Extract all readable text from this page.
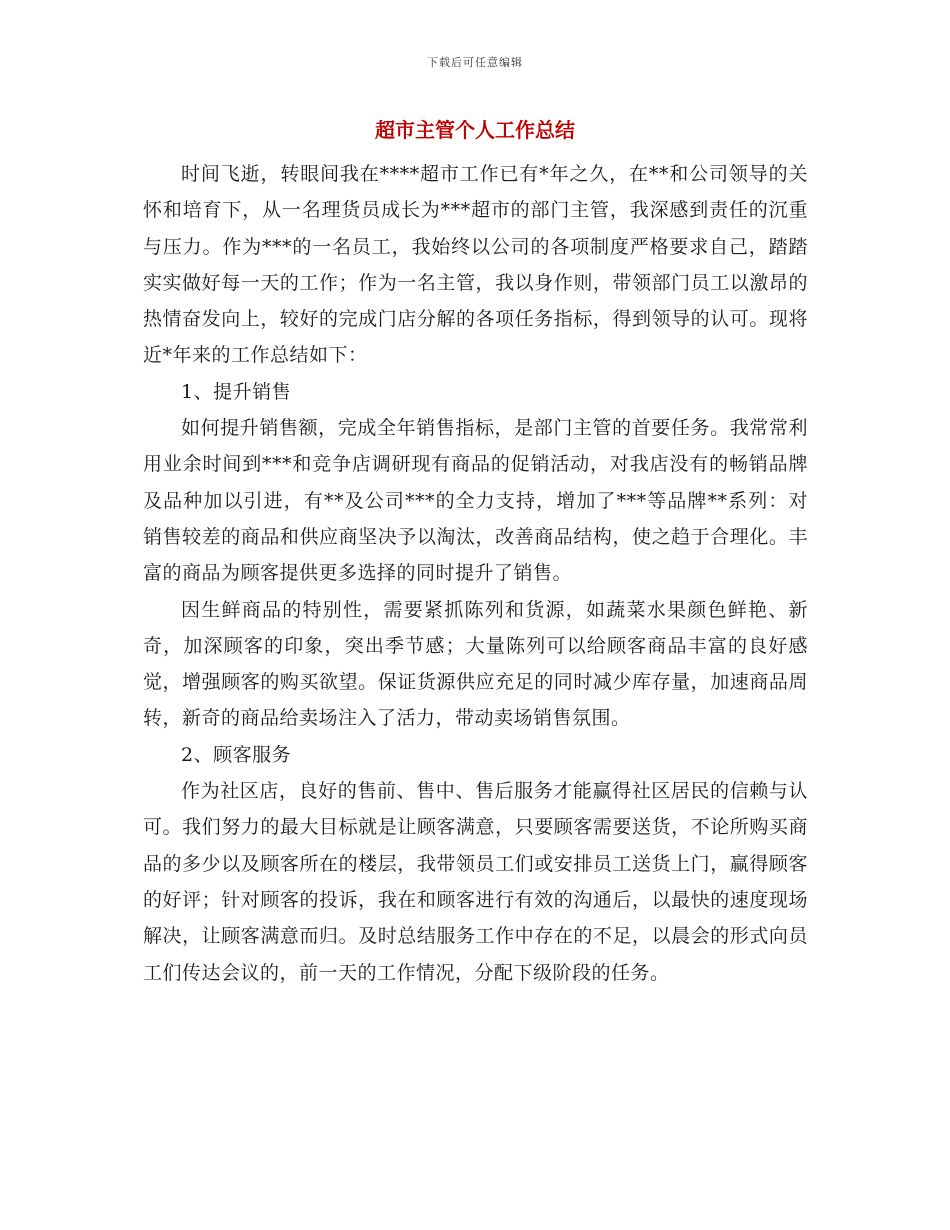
下载后可任意编辑
超市主管个人工作总结

时间飞逝，转眼间我在****超市工作已有*年之久，在**和公司领导的关怀和培育下，从一名理货员成长为***超市的部门主管，我深感到责任的沉重与压力。作为***的一名员工，我始终以公司的各项制度严格要求自己，踏踏实实做好每一天的工作；作为一名主管，我以身作则，带领部门员工以激昂的热情奋发向上，较好的完成门店分解的各项任务指标，得到领导的认可。现将近*年来的工作总结如下：

1、提升销售

如何提升销售额，完成全年销售指标，是部门主管的首要任务。我常常利用业余时间到***和竞争店调研现有商品的促销活动，对我店没有的畅销品牌及品种加以引进，有**及公司***的全力支持，增加了***等品牌**系列：对销售较差的商品和供应商坚决予以淘汰，改善商品结构，使之趋于合理化。丰富的商品为顾客提供更多选择的同时提升了销售。

因生鲜商品的特别性，需要紧抓陈列和货源，如蔬菜水果颜色鲜艳、新奇，加深顾客的印象，突出季节感；大量陈列可以给顾客商品丰富的良好感觉，增强顾客的购买欲望。保证货源供应充足的同时减少库存量，加速商品周转，新奇的商品给卖场注入了活力，带动卖场销售氛围。

2、顾客服务

作为社区店，良好的售前、售中、售后服务才能赢得社区居民的信赖与认可。我们努力的最大目标就是让顾客满意，只要顾客需要送货，不论所购买商品的多少以及顾客所在的楼层，我带领员工们或安排员工送货上门，赢得顾客的好评；针对顾客的投诉，我在和顾客进行有效的沟通后，以最快的速度现场解决，让顾客满意而归。及时总结服务工作中存在的不足，以晨会的形式向员工们传达会议的，前一天的工作情况，分配下级阶段的任务。
